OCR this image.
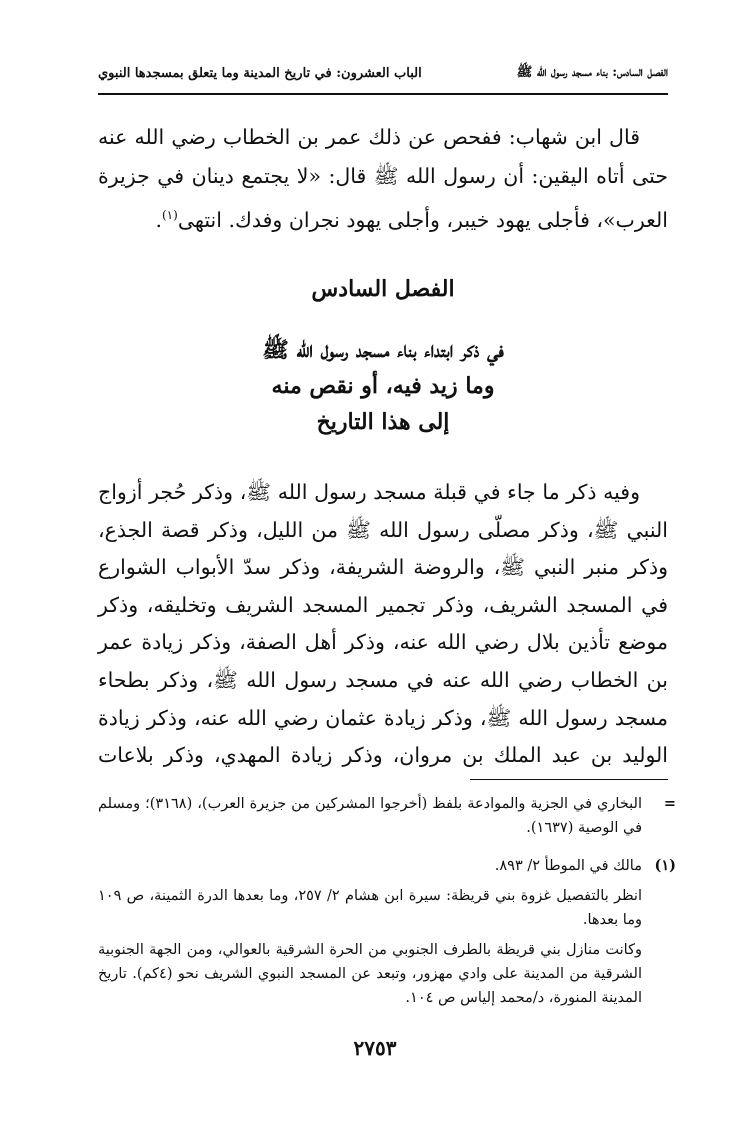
الفصل السادس: بناء مسجد رسول الله ﷺ
الباب العشرون: في تاريخ المدينة وما يتعلق بمسجدها النبوي

قال ابن شهاب: ففحص عن ذلك عمر بن الخطاب رضي الله عنه حتى أتاه اليقين: أن رسول الله ﷺ قال: «لا يجتمع دينان في جزيرة العرب»، فأجلى يهود خيبر، وأجلى يهود نجران وفدك. انتهى$^{(١)}$.

الفصل السادس
في ذكر ابتداء بناء مسجد رسول الله ﷺ
وما زيد فيه، أو نقص منه
إلى هذا التاريخ

وفيه ذكر ما جاء في قبلة مسجد رسول الله ﷺ، وذكر حُجر أزواج النبي ﷺ، وذكر مصلّى رسول الله ﷺ من الليل، وذكر قصة الجذع، وذكر منبر النبي ﷺ، والروضة الشريفة، وذكر سدّ الأبواب الشوارع في المسجد الشريف، وذكر تجمير المسجد الشريف وتخليقه، وذكر موضع تأذين بلال رضي الله عنه، وذكر أهل الصفة، وذكر زيادة عمر بن الخطاب رضي الله عنه في مسجد رسول الله ﷺ، وذكر بطحاء مسجد رسول الله ﷺ، وذكر زيادة عثمان رضي الله عنه، وذكر زيادة الوليد بن عبد الملك بن مروان، وذكر زيادة المهدي، وذكر بلاعات

=

البخاري في الجزية والموادعة بلفظ (أخرجوا المشركين من جزيرة العرب)، (٣١٦٨)؛ ومسلم في الوصية (١٦٣٧).

(١)

مالك في الموطأ ٢/ ٨٩٣.

انظر بالتفصيل غزوة بني قريظة: سيرة ابن هشام ٢/ ٢٥٧، وما بعدها الدرة الثمينة، ص ١٠٩ وما بعدها.

وكانت منازل بني قريظة بالطرف الجنوبي من الحرة الشرقية بالعوالي، ومن الجهة الجنوبية الشرقية من المدينة على وادي مهزور، وتبعد عن المسجد النبوي الشريف نحو (٤كم). تاريخ المدينة المنورة، د/محمد إلياس ص ١٠٤.

٢٧٥٣
